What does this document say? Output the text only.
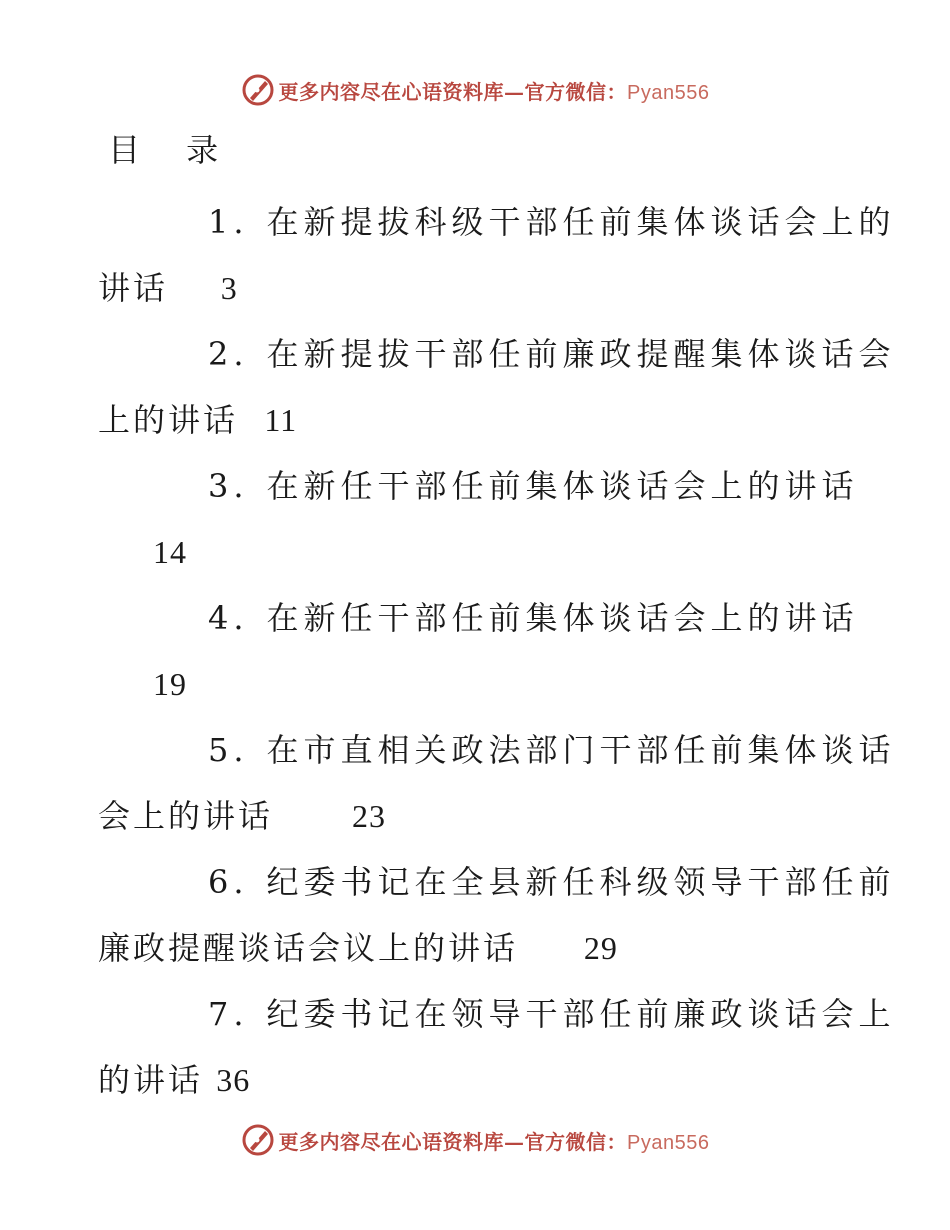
更多内容尽在心语资料库—官方微信：Pyan556
目 录
1. 在新提拔科级干部任前集体谈话会上的
讲话 3
2. 在新提拔干部任前廉政提醒集体谈话会
上的讲话 11
3. 在新任干部任前集体谈话会上的讲话
14
4. 在新任干部任前集体谈话会上的讲话
19
5. 在市直相关政法部门干部任前集体谈话
会上的讲话 23
6. 纪委书记在全县新任科级领导干部任前
廉政提醒谈话会议上的讲话 29
7. 纪委书记在领导干部任前廉政谈话会上
的讲话 36
更多内容尽在心语资料库—官方微信：Pyan556
